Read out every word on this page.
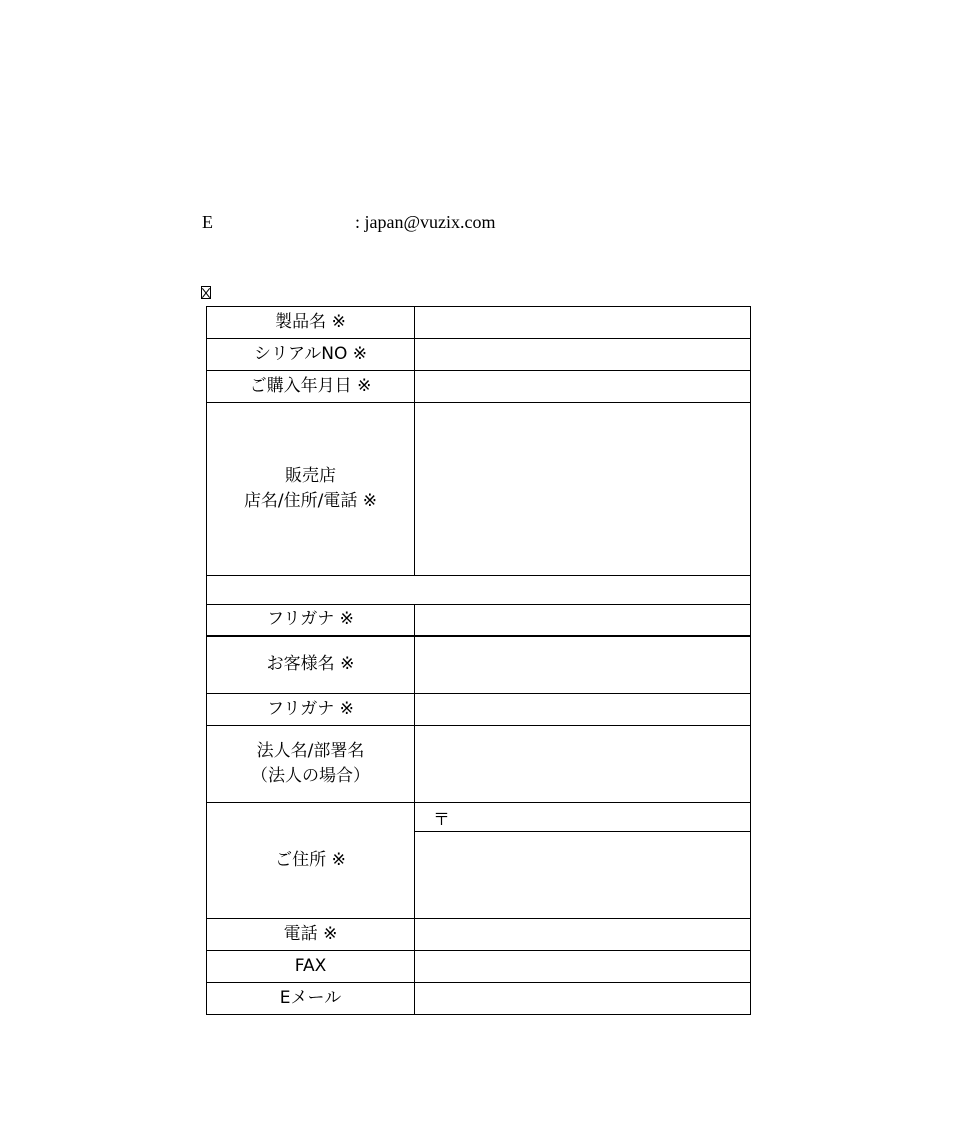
E	: japan@vuzix.com
製品名 ※	
シリアルNO ※	
ご購入年月日 ※	

販売店
店名/住所/電話 ※	

フリガナ ※	
お客様名 ※	
フリガナ ※	

法人名/部署名
（法人の場合）	

ご住所 ※	〒

電話 ※	
FAX	
Eメール	
